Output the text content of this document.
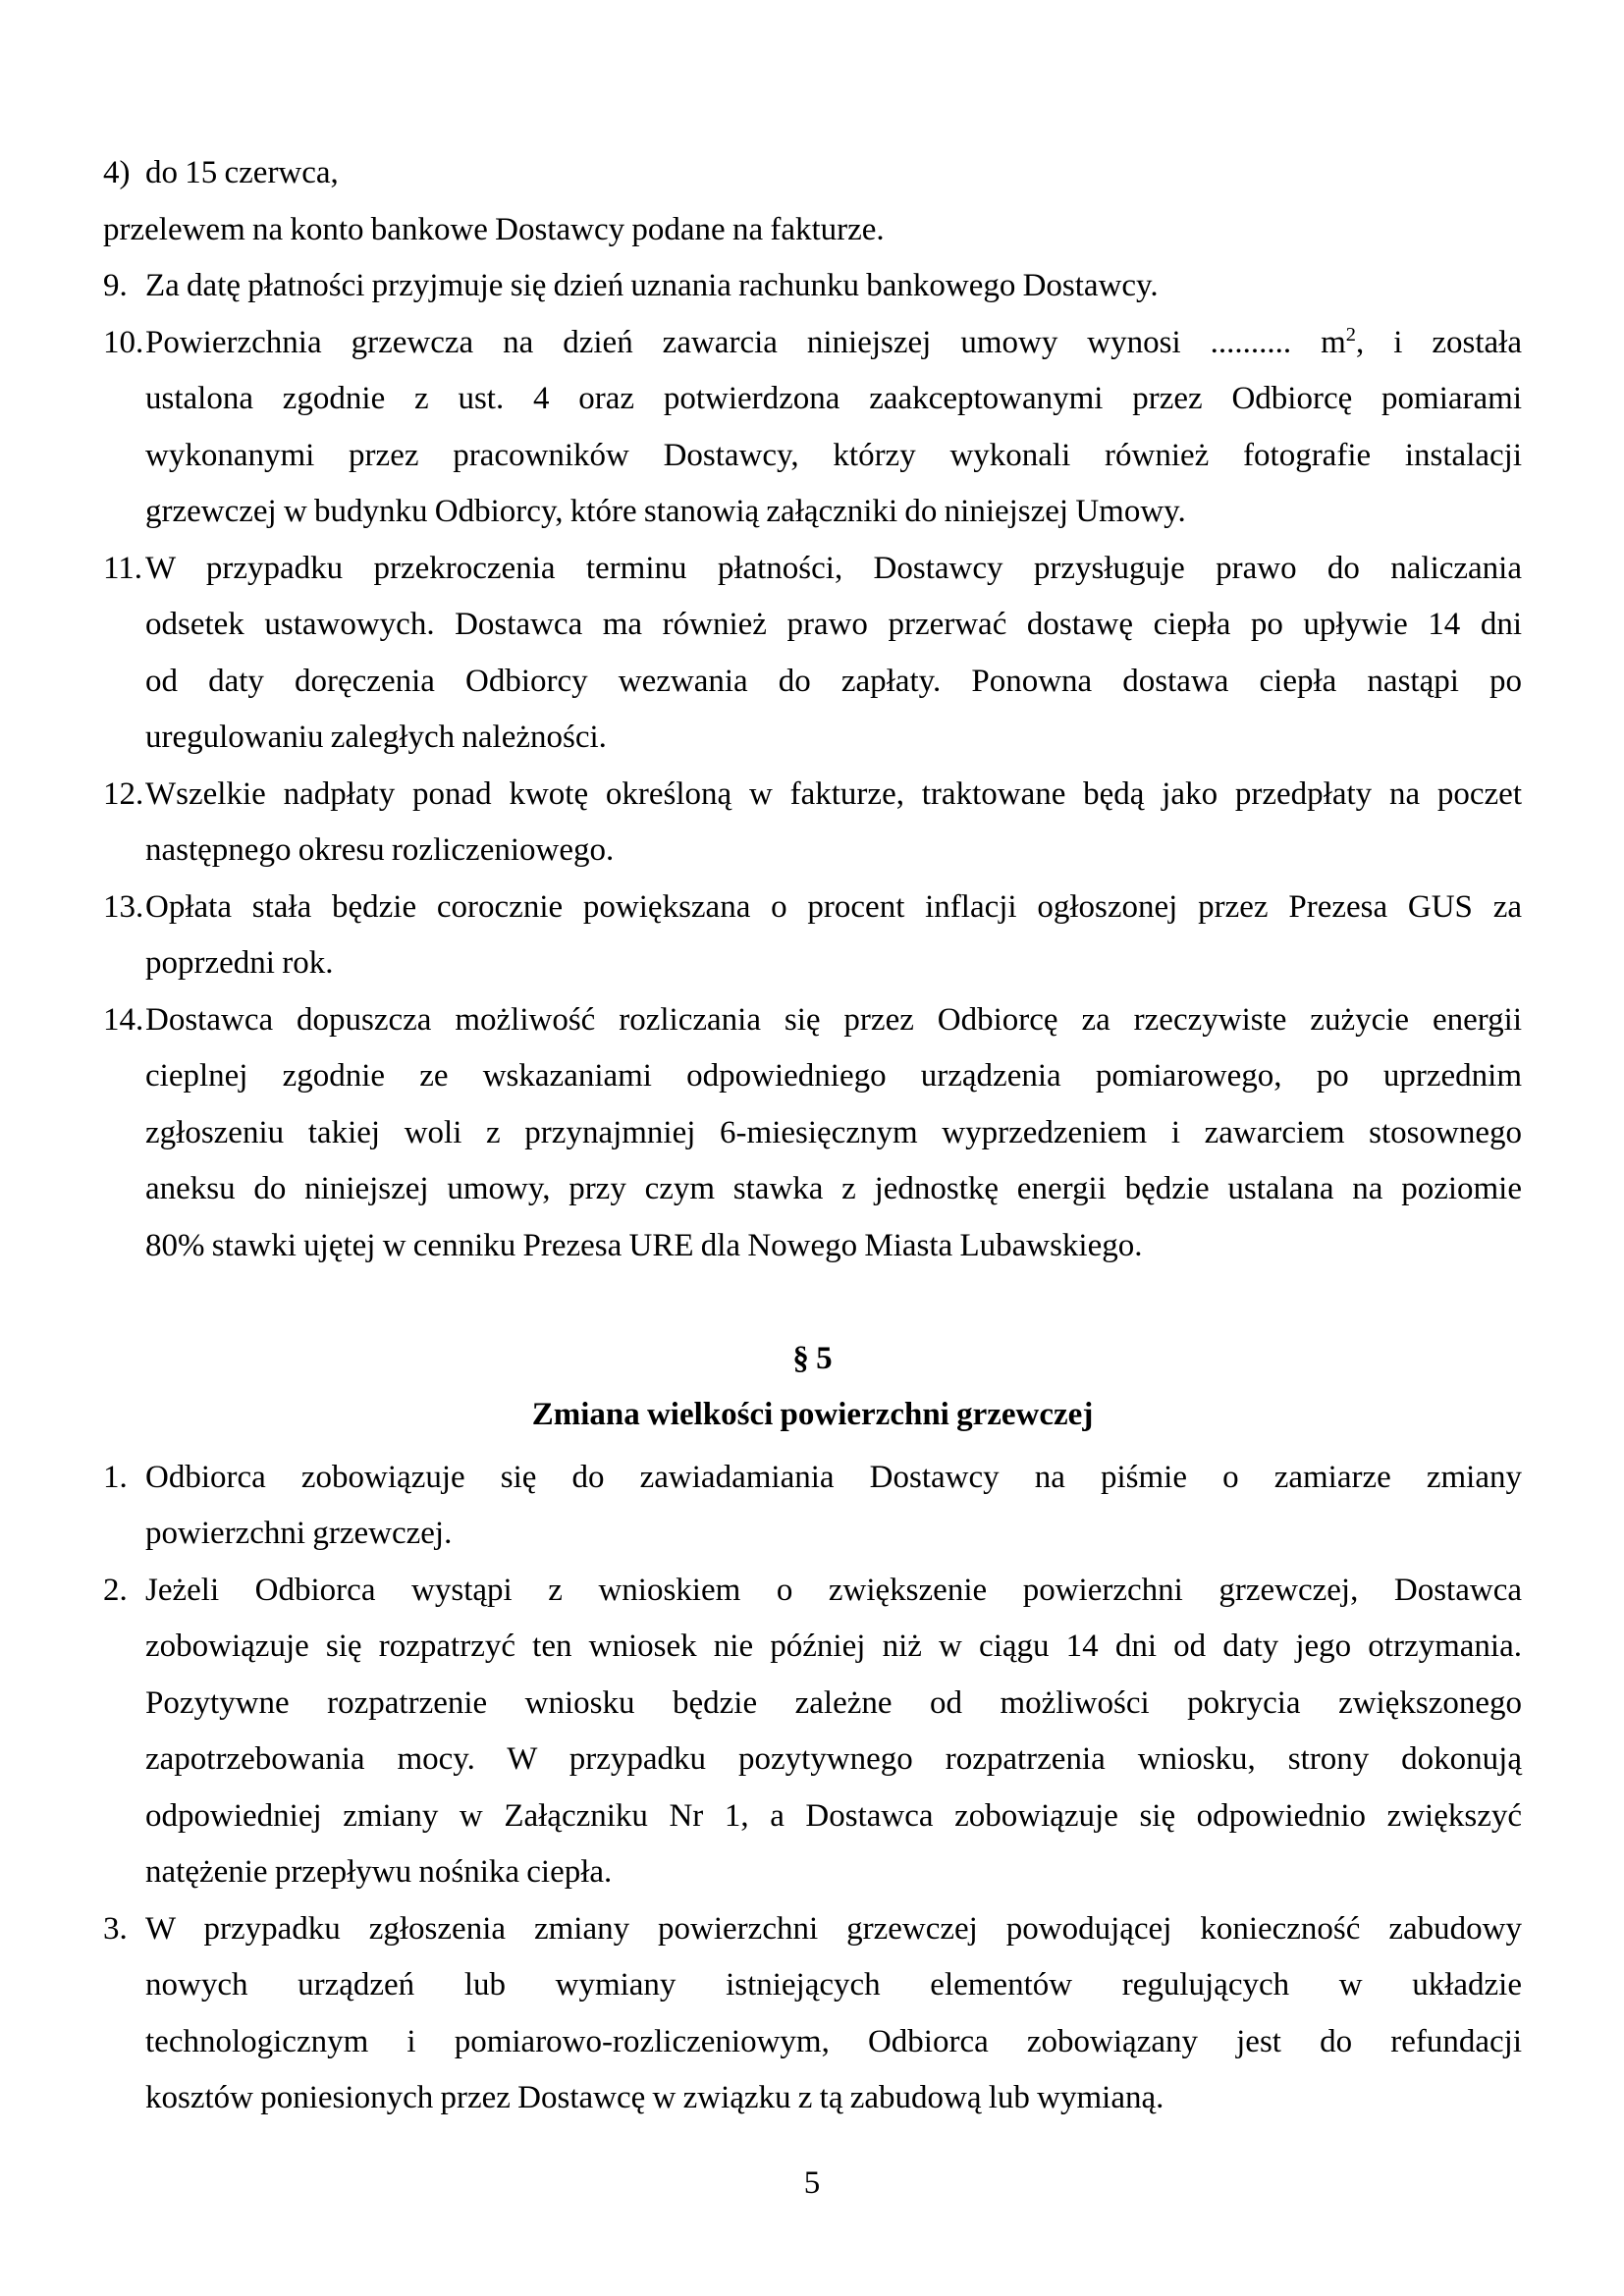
4) do 15 czerwca,
przelewem na konto bankowe Dostawcy podane na fakturze.
9. Za datę płatności przyjmuje się dzień uznania rachunku bankowego Dostawcy.
10. Powierzchnia grzewcza na dzień zawarcia niniejszej umowy wynosi .......... $m^2$, i została
ustalona zgodnie z ust. 4 oraz potwierdzona zaakceptowanymi przez Odbiorcę pomiarami
wykonanymi przez pracowników Dostawcy, którzy wykonali również fotografie instalacji
grzewczej w budynku Odbiorcy, które stanowią załączniki do niniejszej Umowy.
11. W przypadku przekroczenia terminu płatności, Dostawcy przysługuje prawo do naliczania
odsetek ustawowych. Dostawca ma również prawo przerwać dostawę ciepła po upływie 14 dni
od daty doręczenia Odbiorcy wezwania do zapłaty. Ponowna dostawa ciepła nastąpi po
uregulowaniu zaległych należności.
12. Wszelkie nadpłaty ponad kwotę określoną w fakturze, traktowane będą jako przedpłaty na poczet
następnego okresu rozliczeniowego.
13. Opłata stała będzie corocznie powiększana o procent inflacji ogłoszonej przez Prezesa GUS za
poprzedni rok.
14. Dostawca dopuszcza możliwość rozliczania się przez Odbiorcę za rzeczywiste zużycie energii
cieplnej zgodnie ze wskazaniami odpowiedniego urządzenia pomiarowego, po uprzednim
zgłoszeniu takiej woli z przynajmniej 6-miesięcznym wyprzedzeniem i zawarciem stosownego
aneksu do niniejszej umowy, przy czym stawka z jednostkę energii będzie ustalana na poziomie
80% stawki ujętej w cenniku Prezesa URE dla Nowego Miasta Lubawskiego.
§ 5
Zmiana wielkości powierzchni grzewczej
1. Odbiorca zobowiązuje się do zawiadamiania Dostawcy na piśmie o zamiarze zmiany
powierzchni grzewczej.
2. Jeżeli Odbiorca wystąpi z wnioskiem o zwiększenie powierzchni grzewczej, Dostawca
zobowiązuje się rozpatrzyć ten wniosek nie później niż w ciągu 14 dni od daty jego otrzymania.
Pozytywne rozpatrzenie wniosku będzie zależne od możliwości pokrycia zwiększonego
zapotrzebowania mocy. W przypadku pozytywnego rozpatrzenia wniosku, strony dokonują
odpowiedniej zmiany w Załączniku Nr 1, a Dostawca zobowiązuje się odpowiednio zwiększyć
natężenie przepływu nośnika ciepła.
3. W przypadku zgłoszenia zmiany powierzchni grzewczej powodującej konieczność zabudowy
nowych urządzeń lub wymiany istniejących elementów regulujących w układzie
technologicznym i pomiarowo-rozliczeniowym, Odbiorca zobowiązany jest do refundacji
kosztów poniesionych przez Dostawcę w związku z tą zabudową lub wymianą.
5
